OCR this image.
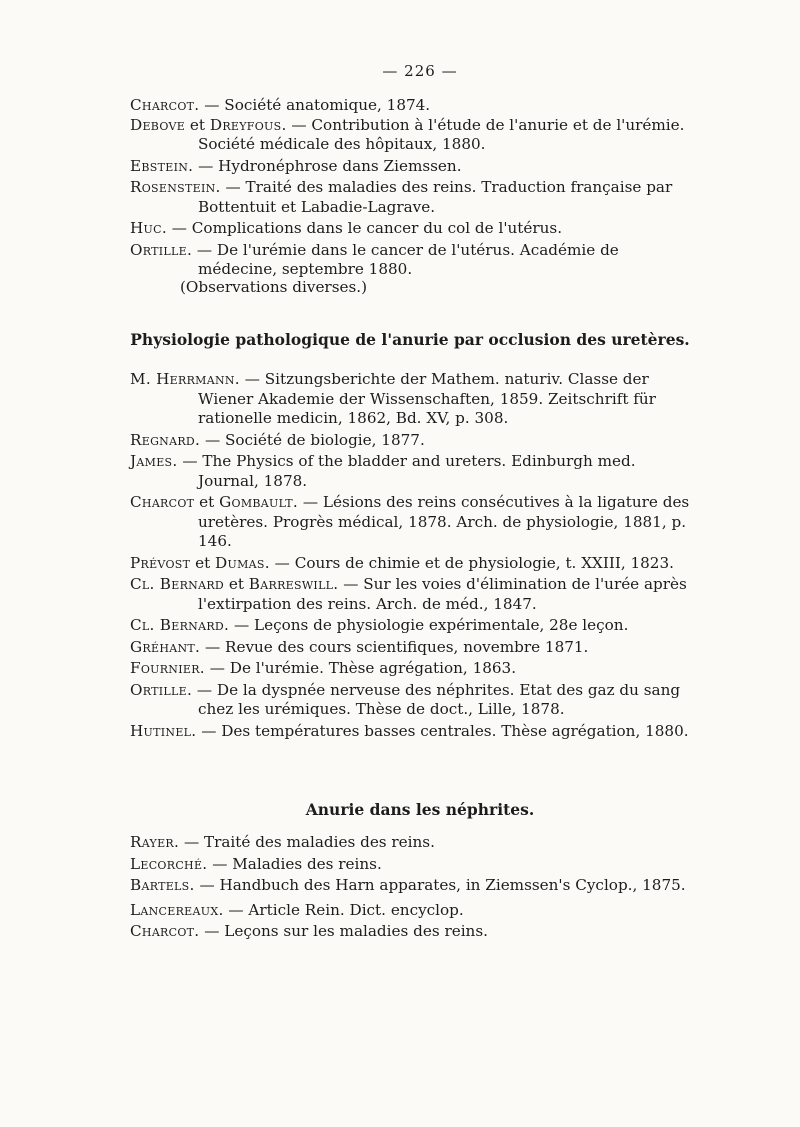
— 226 —

Charcot. — Société anatomique, 1874.

Debove et Dreyfous. — Contribution à l'étude de l'anurie et de l'urémie. Société médicale des hôpitaux, 1880.

Ebstein. — Hydronéphrose dans Ziemssen.

Rosenstein. — Traité des maladies des reins. Traduction française par Bottentuit et Labadie-Lagrave.

Huc. — Complications dans le cancer du col de l'utérus.

Ortille. — De l'urémie dans le cancer de l'utérus. Académie de médecine, septembre 1880.

(Observations diverses.)

Physiologie pathologique de l'anurie par occlusion des uretères.

M. Herrmann. — Sitzungsberichte der Mathem. naturiv. Classe der Wiener Akademie der Wissenschaften, 1859. Zeitschrift für rationelle medicin, 1862, Bd. XV, p. 308.

Regnard. — Société de biologie, 1877.

James. — The Physics of the bladder and ureters. Edinburgh med. Journal, 1878.

Charcot et Gombault. — Lésions des reins consécutives à la ligature des uretères. Progrès médical, 1878. Arch. de physiologie, 1881, p. 146.

Prévost et Dumas. — Cours de chimie et de physiologie, t. XXIII, 1823.

Cl. Bernard et Barreswill. — Sur les voies d'élimination de l'urée après l'extirpation des reins. Arch. de méd., 1847.

Cl. Bernard. — Leçons de physiologie expérimentale, 28e leçon.

Gréhant. — Revue des cours scientifiques, novembre 1871.

Fournier. — De l'urémie. Thèse agrégation, 1863.

Ortille. — De la dyspnée nerveuse des néphrites. Etat des gaz du sang chez les urémiques. Thèse de doct., Lille, 1878.

Hutinel. — Des températures basses centrales. Thèse agrégation, 1880.

Anurie dans les néphrites.

Rayer. — Traité des maladies des reins.

Lecorché. — Maladies des reins.

Bartels. — Handbuch des Harn apparates, in Ziemssen's Cyclop., 1875.

Lancereaux. — Article Rein. Dict. encyclop.

Charcot. — Leçons sur les maladies des reins.
